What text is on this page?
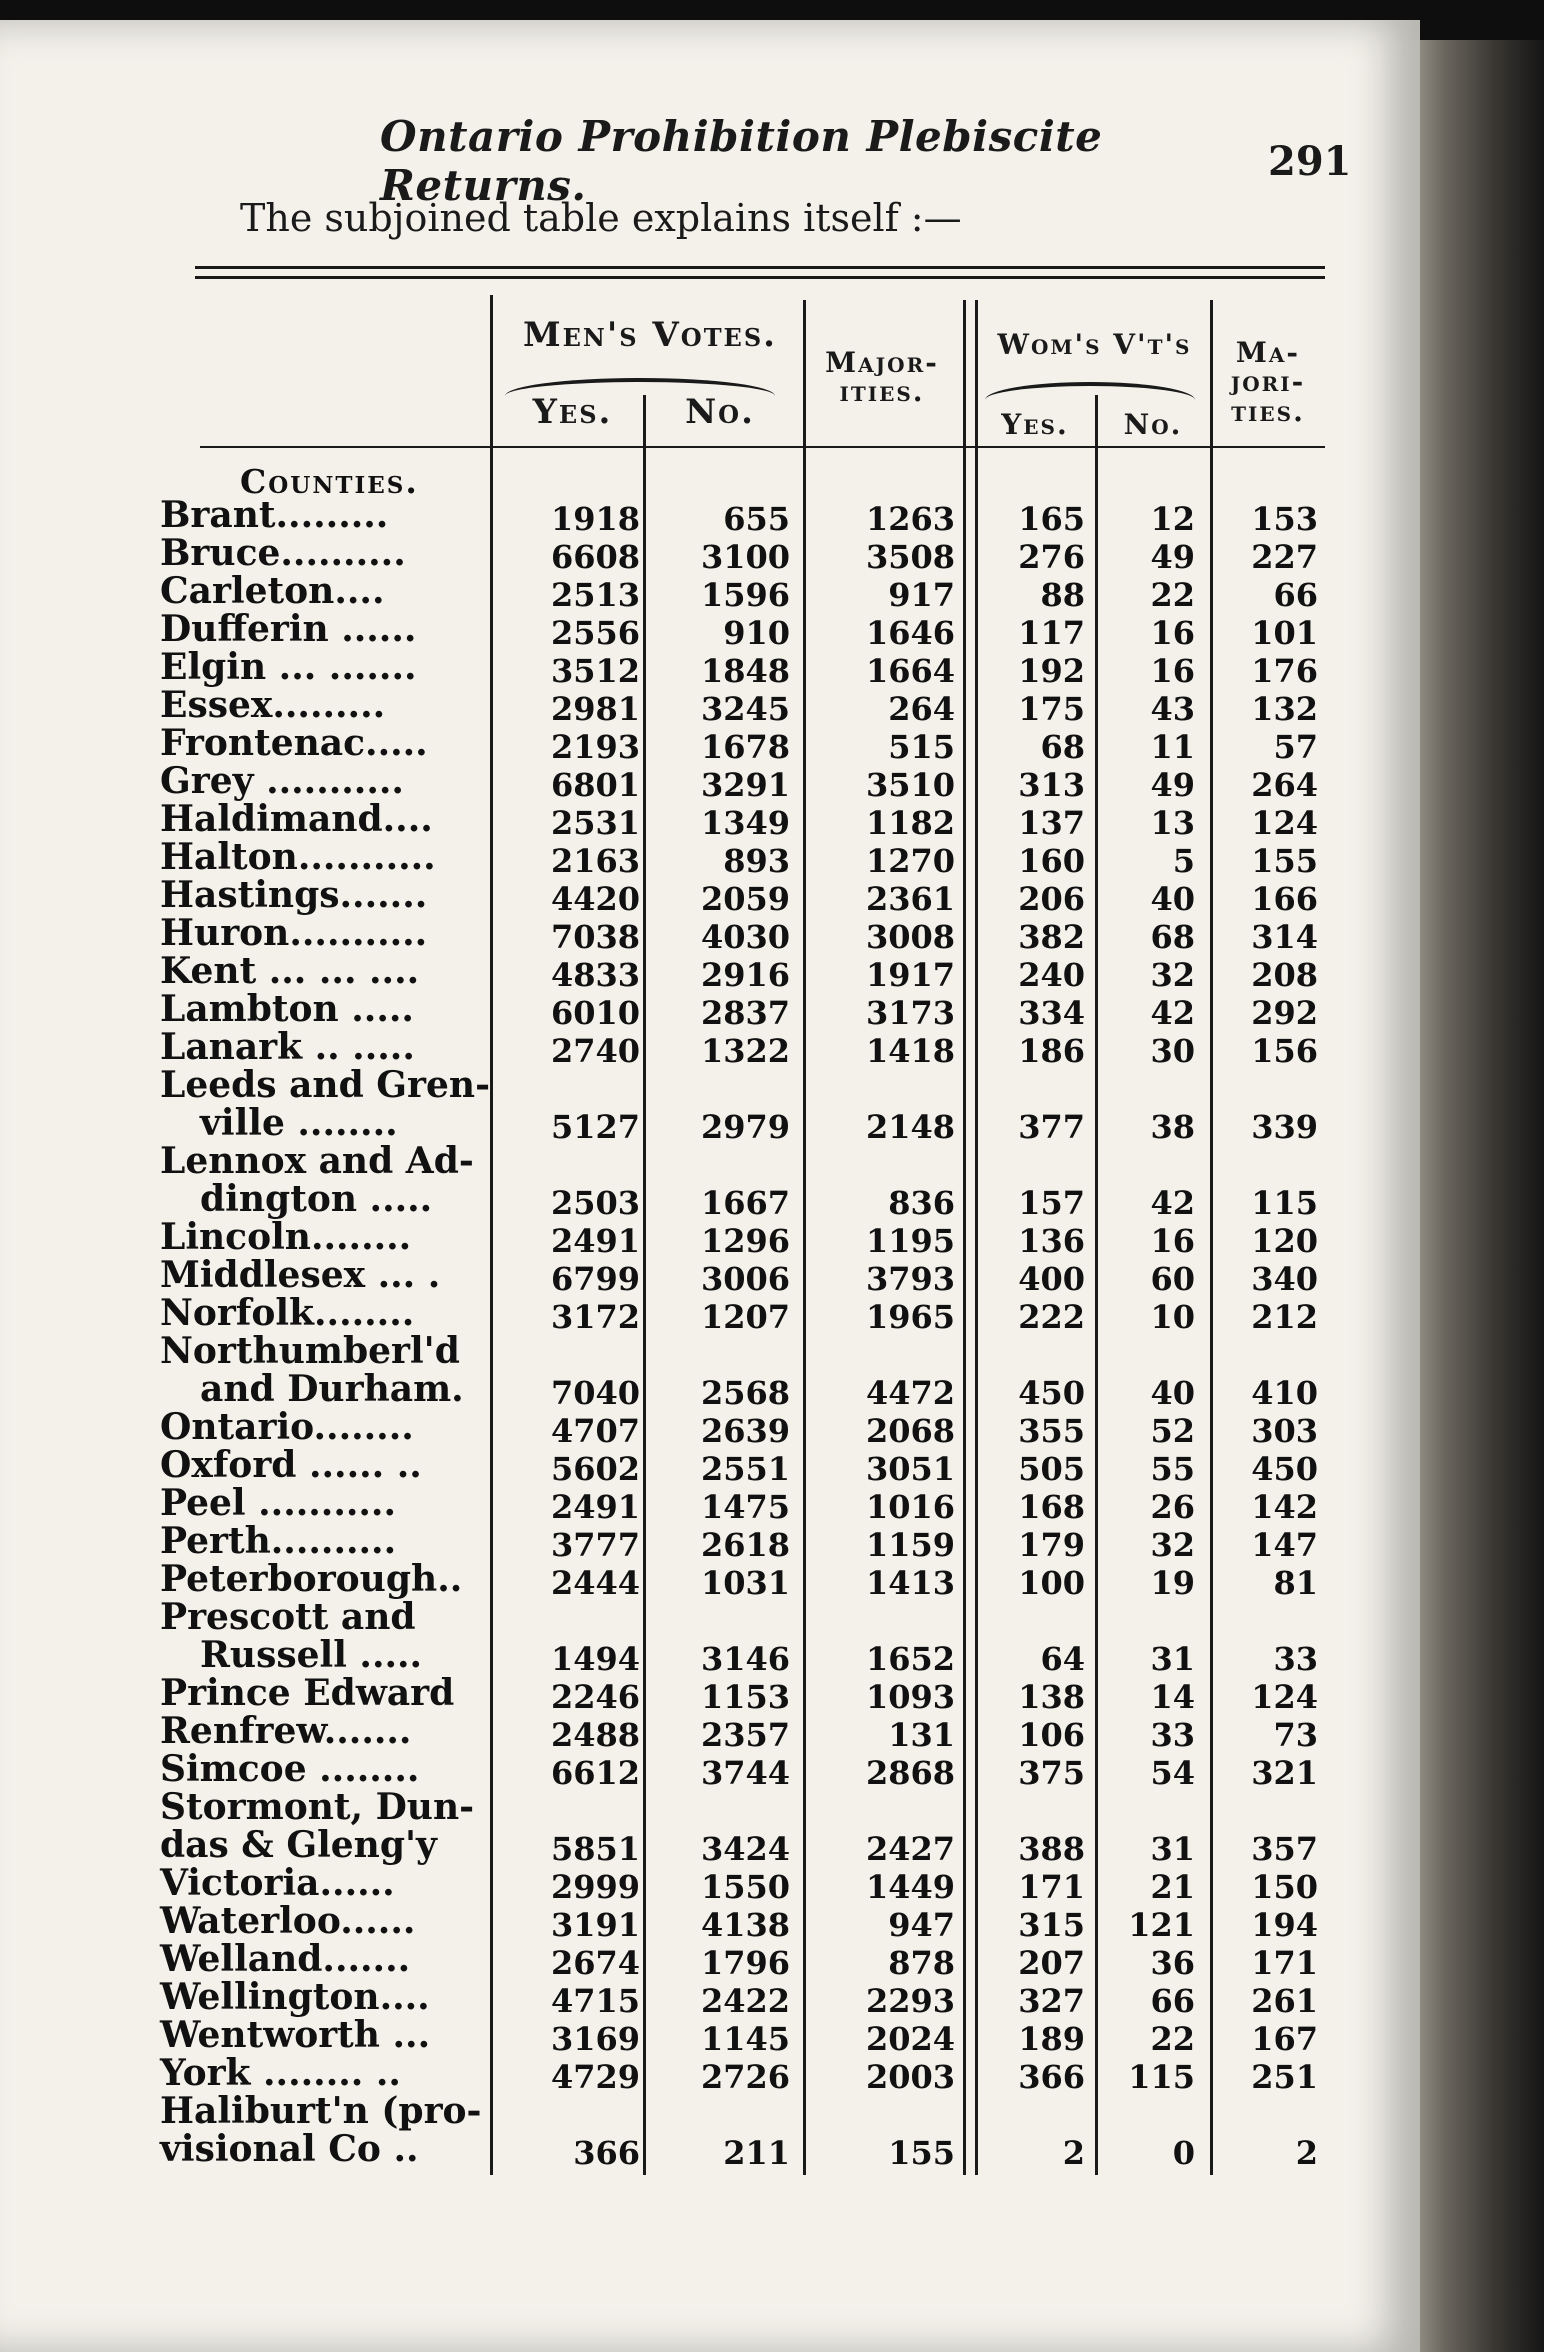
Ontario Prohibition Plebiscite Returns.	291
The subjoined table explains itself :—
Men's Votes.
Yes.	No.
Major-ities.
Wom's V't's
Yes.	No.
Ma-jori-ties.
Counties.
Brant.........	1918	655	1263	165	12	153
Bruce..........	6608	3100	3508	276	49	227
Carleton....	2513	1596	917	88	22	66
Dufferin ......	2556	910	1646	117	16	101
Elgin ... .......	3512	1848	1664	192	16	176
Essex.........	2981	3245	264	175	43	132
Frontenac.....	2193	1678	515	68	11	57
Grey ...........	6801	3291	3510	313	49	264
Haldimand....	2531	1349	1182	137	13	124
Halton...........	2163	893	1270	160	5	155
Hastings.......	4420	2059	2361	206	40	166
Huron...........	7038	4030	3008	382	68	314
Kent ... ... ....	4833	2916	1917	240	32	208
Lambton .....	6010	2837	3173	334	42	292
Lanark .. .....	2740	1322	1418	186	30	156
Leeds and Gren-
ville ........	5127	2979	2148	377	38	339
Lennox and Ad-
dington .....	2503	1667	836	157	42	115
Lincoln........	2491	1296	1195	136	16	120
Middlesex ... .	6799	3006	3793	400	60	340
Norfolk........	3172	1207	1965	222	10	212
Northumberl'd
and Durham.	7040	2568	4472	450	40	410
Ontario........	4707	2639	2068	355	52	303
Oxford ...... ..	5602	2551	3051	505	55	450
Peel ...........	2491	1475	1016	168	26	142
Perth..........	3777	2618	1159	179	32	147
Peterborough..	2444	1031	1413	100	19	81
Prescott and
Russell .....	1494	3146	1652	64	31	33
Prince Edward	2246	1153	1093	138	14	124
Renfrew.......	2488	2357	131	106	33	73
Simcoe ........	6612	3744	2868	375	54	321
Stormont, Dun-
das & Gleng'y	5851	3424	2427	388	31	357
Victoria......	2999	1550	1449	171	21	150
Waterloo......	3191	4138	947	315	121	194
Welland.......	2674	1796	878	207	36	171
Wellington....	4715	2422	2293	327	66	261
Wentworth ...	3169	1145	2024	189	22	167
York ........ ..	4729	2726	2003	366	115	251
Haliburt'n (pro-
visional Co ..	366	211	155	2	0	2
